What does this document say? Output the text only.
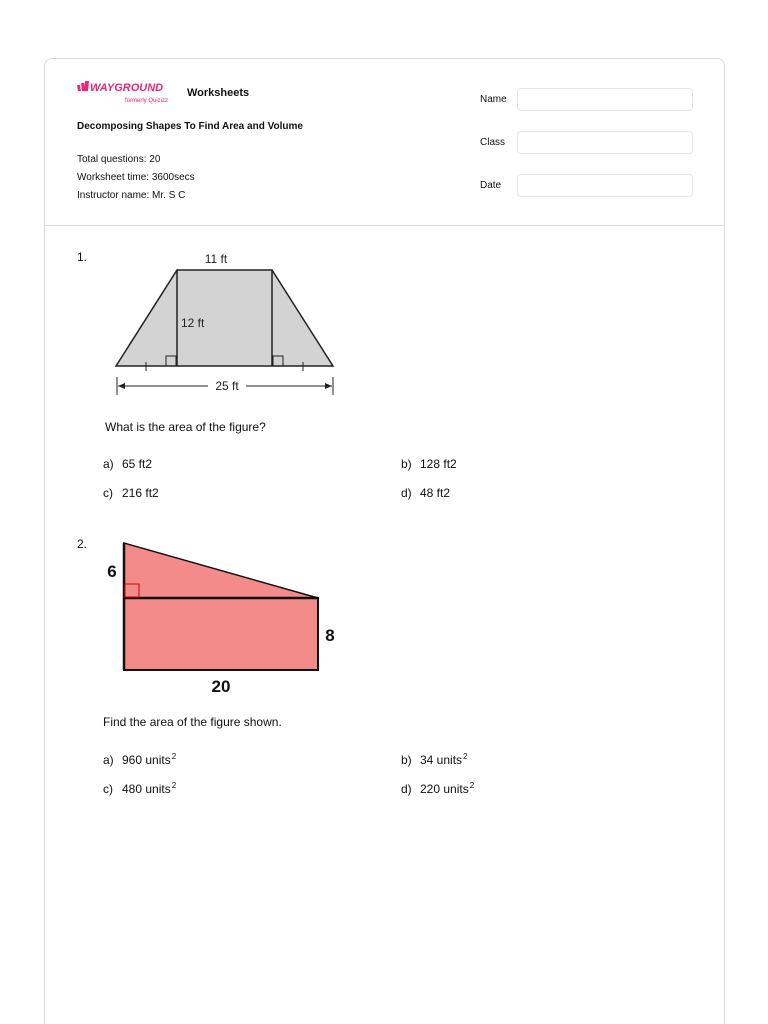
WAYGROUND
formerly Quizizz
Worksheets
Decomposing Shapes To Find Area and Volume
Total questions: 20
Worksheet time: 3600secs
Instructor name: Mr. S C
Name
Class
Date
1.	11 ft
12 ft
25 ft
What is the area of the figure?
a) 65 ft2	b) 128 ft2
c) 216 ft2	d) 48 ft2
2.
6
8
20
Find the area of the figure shown.
a) 960 units$^2$	b) 34 units$^2$
c) 480 units$^2$	d) 220 units$^2$
